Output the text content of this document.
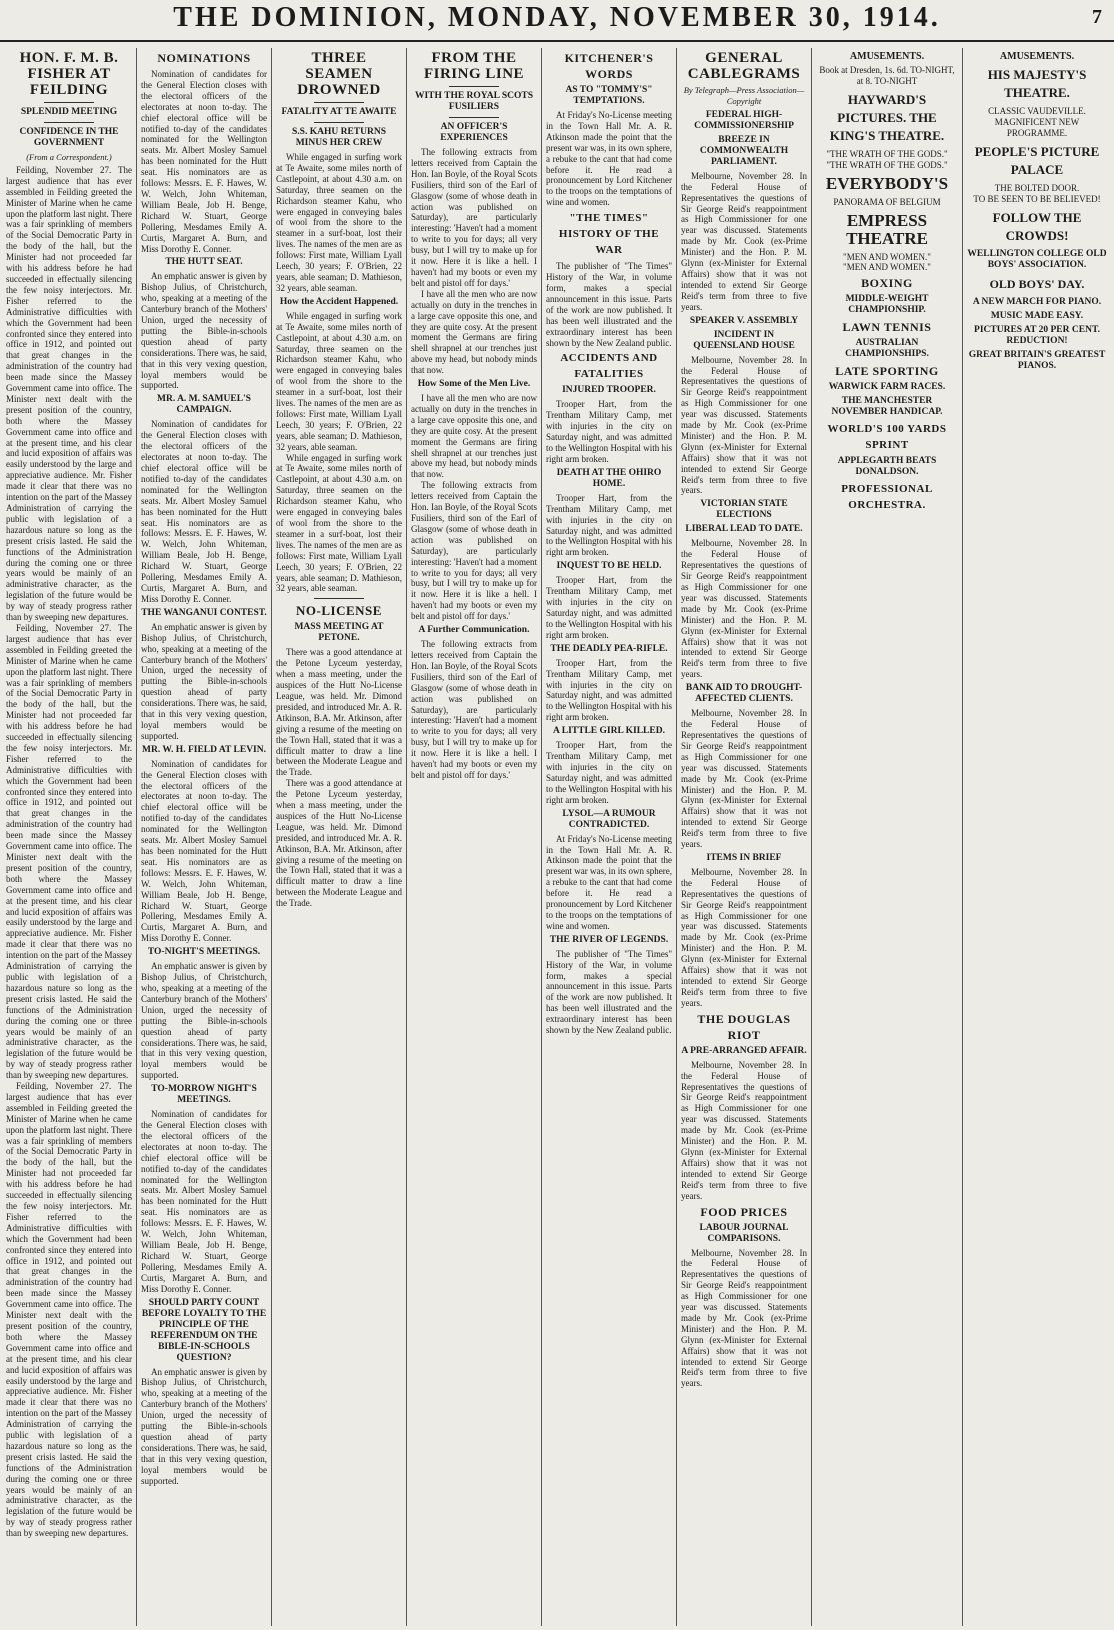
THE DOMINION, MONDAY, NOVEMBER 30, 1914.	7
HON. F. M. B. FISHER AT FEILDING
SPLENDID MEETING
CONFIDENCE IN THE GOVERNMENT
(From a Correspondent.)

Feilding, November 27. The largest audience that has ever assembled in Feilding greeted the Minister of Marine when he came upon the platform last night. There was a fair sprinkling of members of the Social Democratic Party in the body of the hall, but the Minister had not proceeded far with his address before he had succeeded in effectually silencing the few noisy interjectors. Mr. Fisher referred to the Administrative difficulties with which the Government had been confronted since they entered into office in 1912, and pointed out that great changes in the administration of the country had been made since the Massey Government came into office. The Minister next dealt with the present position of the country, both where the Massey Government came into office and at the present time, and his clear and lucid exposition of affairs was easily understood by the large and appreciative audience. Mr. Fisher made it clear that there was no intention on the part of the Massey Administration of carrying the public with legislation of a hazardous nature so long as the present crisis lasted. He said the functions of the Administration during the coming one or three years would be mainly of an administrative character, as the legislation of the future would be by way of steady progress rather than by sweeping new departures.

Feilding, November 27. The largest audience that has ever assembled in Feilding greeted the Minister of Marine when he came upon the platform last night. There was a fair sprinkling of members of the Social Democratic Party in the body of the hall, but the Minister had not proceeded far with his address before he had succeeded in effectually silencing the few noisy interjectors. Mr. Fisher referred to the Administrative difficulties with which the Government had been confronted since they entered into office in 1912, and pointed out that great changes in the administration of the country had been made since the Massey Government came into office. The Minister next dealt with the present position of the country, both where the Massey Government came into office and at the present time, and his clear and lucid exposition of affairs was easily understood by the large and appreciative audience. Mr. Fisher made it clear that there was no intention on the part of the Massey Administration of carrying the public with legislation of a hazardous nature so long as the present crisis lasted. He said the functions of the Administration during the coming one or three years would be mainly of an administrative character, as the legislation of the future would be by way of steady progress rather than by sweeping new departures.

Feilding, November 27. The largest audience that has ever assembled in Feilding greeted the Minister of Marine when he came upon the platform last night. There was a fair sprinkling of members of the Social Democratic Party in the body of the hall, but the Minister had not proceeded far with his address before he had succeeded in effectually silencing the few noisy interjectors. Mr. Fisher referred to the Administrative difficulties with which the Government had been confronted since they entered into office in 1912, and pointed out that great changes in the administration of the country had been made since the Massey Government came into office. The Minister next dealt with the present position of the country, both where the Massey Government came into office and at the present time, and his clear and lucid exposition of affairs was easily understood by the large and appreciative audience. Mr. Fisher made it clear that there was no intention on the part of the Massey Administration of carrying the public with legislation of a hazardous nature so long as the present crisis lasted. He said the functions of the Administration during the coming one or three years would be mainly of an administrative character, as the legislation of the future would be by way of steady progress rather than by sweeping new departures.

NOMINATIONS

Nomination of candidates for the General Election closes with the electoral officers of the electorates at noon to-day. The chief electoral office will be notified to-day of the candidates nominated for the Wellington seats. Mr. Albert Mosley Samuel has been nominated for the Hutt seat. His nominators are as follows: Messrs. E. F. Hawes, W. W. Welch, John Whiteman, William Beale, Job H. Benge, Richard W. Stuart, George Pollering, Mesdames Emily A. Curtis, Margaret A. Burn, and Miss Dorothy E. Conner.

THE HUTT SEAT.

An emphatic answer is given by Bishop Julius, of Christchurch, who, speaking at a meeting of the Canterbury branch of the Mothers' Union, urged the necessity of putting the Bible-in-schools question ahead of party considerations. There was, he said, that in this very vexing question, loyal members would be supported.

MR. A. M. SAMUEL'S CAMPAIGN.

Nomination of candidates for the General Election closes with the electoral officers of the electorates at noon to-day. The chief electoral office will be notified to-day of the candidates nominated for the Wellington seats. Mr. Albert Mosley Samuel has been nominated for the Hutt seat. His nominators are as follows: Messrs. E. F. Hawes, W. W. Welch, John Whiteman, William Beale, Job H. Benge, Richard W. Stuart, George Pollering, Mesdames Emily A. Curtis, Margaret A. Burn, and Miss Dorothy E. Conner.

THE WANGANUI CONTEST.

An emphatic answer is given by Bishop Julius, of Christchurch, who, speaking at a meeting of the Canterbury branch of the Mothers' Union, urged the necessity of putting the Bible-in-schools question ahead of party considerations. There was, he said, that in this very vexing question, loyal members would be supported.

MR. W. H. FIELD AT LEVIN.

Nomination of candidates for the General Election closes with the electoral officers of the electorates at noon to-day. The chief electoral office will be notified to-day of the candidates nominated for the Wellington seats. Mr. Albert Mosley Samuel has been nominated for the Hutt seat. His nominators are as follows: Messrs. E. F. Hawes, W. W. Welch, John Whiteman, William Beale, Job H. Benge, Richard W. Stuart, George Pollering, Mesdames Emily A. Curtis, Margaret A. Burn, and Miss Dorothy E. Conner.

TO-NIGHT'S MEETINGS.

An emphatic answer is given by Bishop Julius, of Christchurch, who, speaking at a meeting of the Canterbury branch of the Mothers' Union, urged the necessity of putting the Bible-in-schools question ahead of party considerations. There was, he said, that in this very vexing question, loyal members would be supported.

TO-MORROW NIGHT'S MEETINGS.

Nomination of candidates for the General Election closes with the electoral officers of the electorates at noon to-day. The chief electoral office will be notified to-day of the candidates nominated for the Wellington seats. Mr. Albert Mosley Samuel has been nominated for the Hutt seat. His nominators are as follows: Messrs. E. F. Hawes, W. W. Welch, John Whiteman, William Beale, Job H. Benge, Richard W. Stuart, George Pollering, Mesdames Emily A. Curtis, Margaret A. Burn, and Miss Dorothy E. Conner.

SHOULD PARTY COUNT BEFORE LOYALTY TO THE PRINCIPLE OF THE REFERENDUM ON THE BIBLE-IN-SCHOOLS QUESTION?

An emphatic answer is given by Bishop Julius, of Christchurch, who, speaking at a meeting of the Canterbury branch of the Mothers' Union, urged the necessity of putting the Bible-in-schools question ahead of party considerations. There was, he said, that in this very vexing question, loyal members would be supported.

THREE SEAMEN DROWNED
FATALITY AT TE AWAITE
S.S. KAHU RETURNS MINUS HER CREW

While engaged in surfing work at Te Awaite, some miles north of Castlepoint, at about 4.30 a.m. on Saturday, three seamen on the Richardson steamer Kahu, who were engaged in conveying bales of wool from the shore to the steamer in a surf-boat, lost their lives. The names of the men are as follows: First mate, William Lyall Leech, 30 years; F. O'Brien, 22 years, able seaman; D. Mathieson, 32 years, able seaman.

How the Accident Happened.

While engaged in surfing work at Te Awaite, some miles north of Castlepoint, at about 4.30 a.m. on Saturday, three seamen on the Richardson steamer Kahu, who were engaged in conveying bales of wool from the shore to the steamer in a surf-boat, lost their lives. The names of the men are as follows: First mate, William Lyall Leech, 30 years; F. O'Brien, 22 years, able seaman; D. Mathieson, 32 years, able seaman.

While engaged in surfing work at Te Awaite, some miles north of Castlepoint, at about 4.30 a.m. on Saturday, three seamen on the Richardson steamer Kahu, who were engaged in conveying bales of wool from the shore to the steamer in a surf-boat, lost their lives. The names of the men are as follows: First mate, William Lyall Leech, 30 years; F. O'Brien, 22 years, able seaman; D. Mathieson, 32 years, able seaman.

NO-LICENSE
MASS MEETING AT PETONE.

There was a good attendance at the Petone Lyceum yesterday, when a mass meeting, under the auspices of the Hutt No-License League, was held. Mr. Dimond presided, and introduced Mr. A. R. Atkinson, B.A. Mr. Atkinson, after giving a resume of the meeting on the Town Hall, stated that it was a difficult matter to draw a line between the Moderate League and the Trade.

There was a good attendance at the Petone Lyceum yesterday, when a mass meeting, under the auspices of the Hutt No-License League, was held. Mr. Dimond presided, and introduced Mr. A. R. Atkinson, B.A. Mr. Atkinson, after giving a resume of the meeting on the Town Hall, stated that it was a difficult matter to draw a line between the Moderate League and the Trade.

FROM THE FIRING LINE
WITH THE ROYAL SCOTS FUSILIERS
AN OFFICER'S EXPERIENCES

The following extracts from letters received from Captain the Hon. Ian Boyle, of the Royal Scots Fusiliers, third son of the Earl of Glasgow (some of whose death in action was published on Saturday), are particularly interesting: 'Haven't had a moment to write to you for days; all very busy, but I will try to make up for it now. Here it is like a hell. I haven't had my boots or even my belt and pistol off for days.'

I have all the men who are now actually on duty in the trenches in a large cave opposite this one, and they are quite cosy. At the present moment the Germans are firing shell shrapnel at our trenches just above my head, but nobody minds that now.

How Some of the Men Live.

I have all the men who are now actually on duty in the trenches in a large cave opposite this one, and they are quite cosy. At the present moment the Germans are firing shell shrapnel at our trenches just above my head, but nobody minds that now.

The following extracts from letters received from Captain the Hon. Ian Boyle, of the Royal Scots Fusiliers, third son of the Earl of Glasgow (some of whose death in action was published on Saturday), are particularly interesting: 'Haven't had a moment to write to you for days; all very busy, but I will try to make up for it now. Here it is like a hell. I haven't had my boots or even my belt and pistol off for days.'

A Further Communication.

The following extracts from letters received from Captain the Hon. Ian Boyle, of the Royal Scots Fusiliers, third son of the Earl of Glasgow (some of whose death in action was published on Saturday), are particularly interesting: 'Haven't had a moment to write to you for days; all very busy, but I will try to make up for it now. Here it is like a hell. I haven't had my boots or even my belt and pistol off for days.'

KITCHENER'S WORDS
AS TO "TOMMY'S" TEMPTATIONS.

At Friday's No-License meeting in the Town Hall Mr. A. R. Atkinson made the point that the present war was, in its own sphere, a rebuke to the cant that had come before it. He read a pronouncement by Lord Kitchener to the troops on the temptations of wine and women.

"THE TIMES" HISTORY OF THE WAR

The publisher of "The Times" History of the War, in volume form, makes a special announcement in this issue. Parts of the work are now published. It has been well illustrated and the extraordinary interest has been shown by the New Zealand public.

ACCIDENTS AND FATALITIES
INJURED TROOPER.

Trooper Hart, from the Trentham Military Camp, met with injuries in the city on Saturday night, and was admitted to the Wellington Hospital with his right arm broken.

DEATH AT THE OHIRO HOME.

Trooper Hart, from the Trentham Military Camp, met with injuries in the city on Saturday night, and was admitted to the Wellington Hospital with his right arm broken.

INQUEST TO BE HELD.

Trooper Hart, from the Trentham Military Camp, met with injuries in the city on Saturday night, and was admitted to the Wellington Hospital with his right arm broken.

THE DEADLY PEA-RIFLE.

Trooper Hart, from the Trentham Military Camp, met with injuries in the city on Saturday night, and was admitted to the Wellington Hospital with his right arm broken.

A LITTLE GIRL KILLED.

Trooper Hart, from the Trentham Military Camp, met with injuries in the city on Saturday night, and was admitted to the Wellington Hospital with his right arm broken.

LYSOL—A RUMOUR CONTRADICTED.

At Friday's No-License meeting in the Town Hall Mr. A. R. Atkinson made the point that the present war was, in its own sphere, a rebuke to the cant that had come before it. He read a pronouncement by Lord Kitchener to the troops on the temptations of wine and women.

THE RIVER OF LEGENDS.

The publisher of "The Times" History of the War, in volume form, makes a special announcement in this issue. Parts of the work are now published. It has been well illustrated and the extraordinary interest has been shown by the New Zealand public.

GENERAL CABLEGRAMS
By Telegraph—Press Association—Copyright
FEDERAL HIGH-COMMISSIONERSHIP
BREEZE IN COMMONWEALTH PARLIAMENT.

Melbourne, November 28. In the Federal House of Representatives the questions of Sir George Reid's reappointment as High Commissioner for one year was discussed. Statements made by Mr. Cook (ex-Prime Minister) and the Hon. P. M. Glynn (ex-Minister for External Affairs) show that it was not intended to extend Sir George Reid's term from three to five years.

SPEAKER V. ASSEMBLY
INCIDENT IN QUEENSLAND HOUSE

Melbourne, November 28. In the Federal House of Representatives the questions of Sir George Reid's reappointment as High Commissioner for one year was discussed. Statements made by Mr. Cook (ex-Prime Minister) and the Hon. P. M. Glynn (ex-Minister for External Affairs) show that it was not intended to extend Sir George Reid's term from three to five years.

VICTORIAN STATE ELECTIONS
LIBERAL LEAD TO DATE.

Melbourne, November 28. In the Federal House of Representatives the questions of Sir George Reid's reappointment as High Commissioner for one year was discussed. Statements made by Mr. Cook (ex-Prime Minister) and the Hon. P. M. Glynn (ex-Minister for External Affairs) show that it was not intended to extend Sir George Reid's term from three to five years.

BANK AID TO DROUGHT-AFFECTED CLIENTS.

Melbourne, November 28. In the Federal House of Representatives the questions of Sir George Reid's reappointment as High Commissioner for one year was discussed. Statements made by Mr. Cook (ex-Prime Minister) and the Hon. P. M. Glynn (ex-Minister for External Affairs) show that it was not intended to extend Sir George Reid's term from three to five years.

ITEMS IN BRIEF

Melbourne, November 28. In the Federal House of Representatives the questions of Sir George Reid's reappointment as High Commissioner for one year was discussed. Statements made by Mr. Cook (ex-Prime Minister) and the Hon. P. M. Glynn (ex-Minister for External Affairs) show that it was not intended to extend Sir George Reid's term from three to five years.

THE DOUGLAS RIOT
A PRE-ARRANGED AFFAIR.

Melbourne, November 28. In the Federal House of Representatives the questions of Sir George Reid's reappointment as High Commissioner for one year was discussed. Statements made by Mr. Cook (ex-Prime Minister) and the Hon. P. M. Glynn (ex-Minister for External Affairs) show that it was not intended to extend Sir George Reid's term from three to five years.

FOOD PRICES
LABOUR JOURNAL COMPARISONS.

Melbourne, November 28. In the Federal House of Representatives the questions of Sir George Reid's reappointment as High Commissioner for one year was discussed. Statements made by Mr. Cook (ex-Prime Minister) and the Hon. P. M. Glynn (ex-Minister for External Affairs) show that it was not intended to extend Sir George Reid's term from three to five years.

AMUSEMENTS.

Book at Dresden, 1s. 6d. TO-NIGHT, at 8. TO-NIGHT

HAYWARD'S PICTURES. THE KING'S THEATRE.

"THE WRATH OF THE GODS."

"THE WRATH OF THE GODS."

EVERYBODY'S

PANORAMA OF BELGIUM

EMPRESS THEATRE

"MEN AND WOMEN."

"MEN AND WOMEN."

BOXING
MIDDLE-WEIGHT CHAMPIONSHIP.
LAWN TENNIS
AUSTRALIAN CHAMPIONSHIPS.
LATE SPORTING
WARWICK FARM RACES.
THE MANCHESTER NOVEMBER HANDICAP.
WORLD'S 100 YARDS SPRINT
APPLEGARTH BEATS DONALDSON.
PROFESSIONAL ORCHESTRA.
AMUSEMENTS.
HIS MAJESTY'S THEATRE.

CLASSIC VAUDEVILLE.

MAGNIFICENT NEW PROGRAMME.

PEOPLE'S PICTURE PALACE

THE BOLTED DOOR.

TO BE SEEN TO BE BELIEVED!

FOLLOW THE CROWDS!
WELLINGTON COLLEGE OLD BOYS' ASSOCIATION.
OLD BOYS' DAY.
A NEW MARCH FOR PIANO.
MUSIC MADE EASY.
PICTURES AT 20 PER CENT. REDUCTION!
GREAT BRITAIN'S GREATEST PIANOS.
